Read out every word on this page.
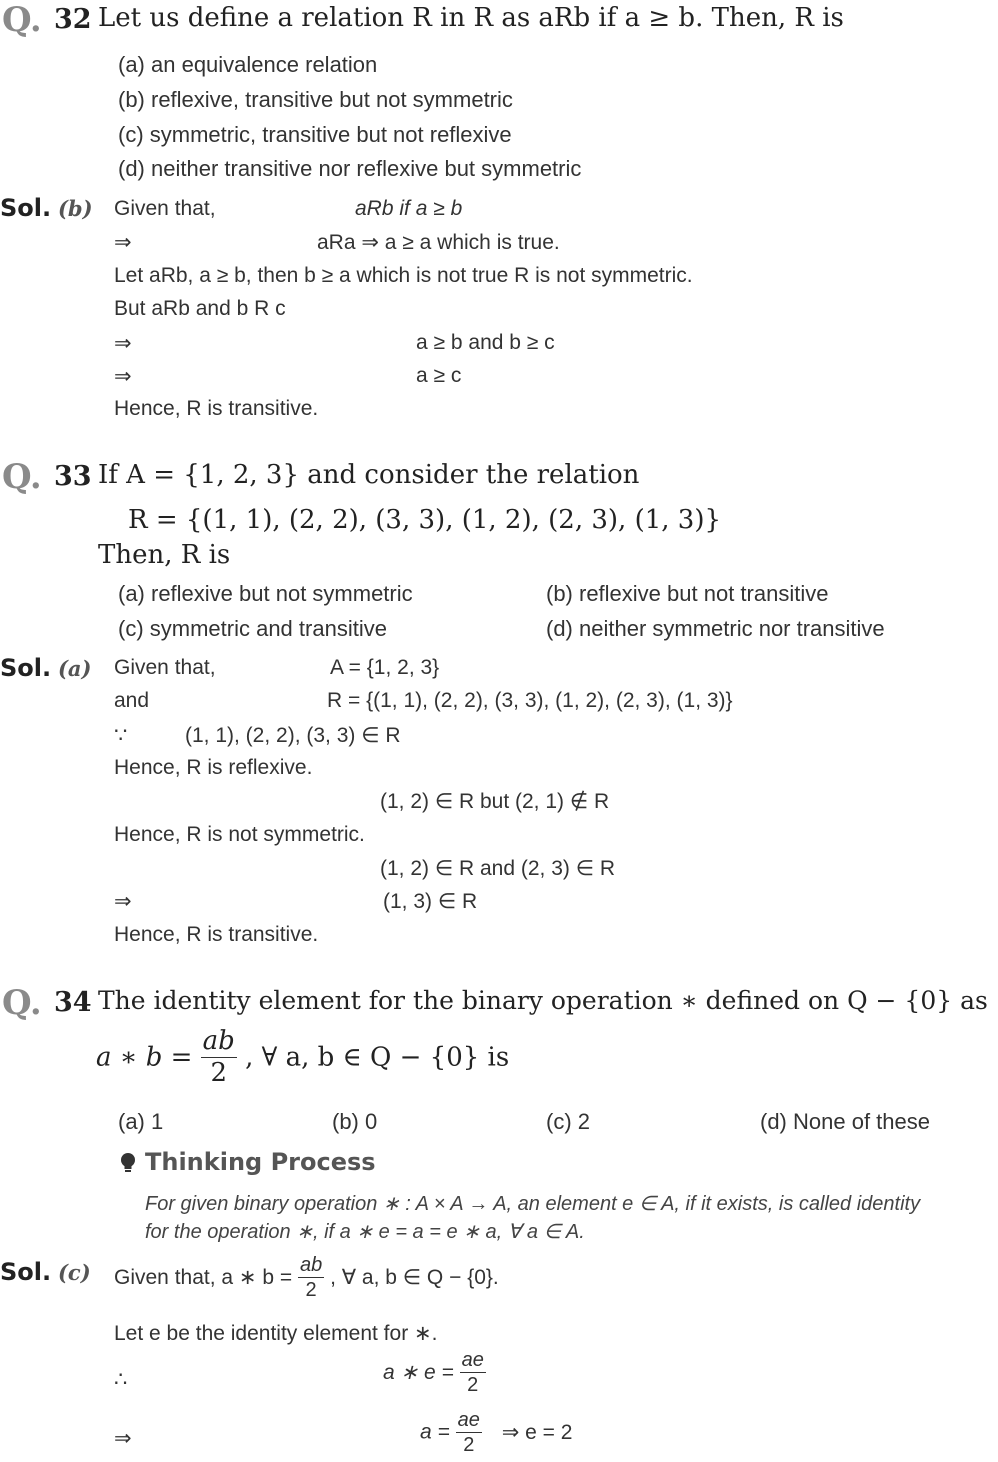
Q. 32 Let us define a relation R in R as aRb if a ≥ b. Then, R is
(a) an equivalence relation
(b) reflexive, transitive but not symmetric
(c) symmetric, transitive but not reflexive
(d) neither transitive nor reflexive but symmetric
Sol. (b) Given that,	aRb if a ≥ b
⇒	aRa ⇒ a ≥ a which is true.
Let aRb, a ≥ b, then b ≥ a which is not true R is not symmetric.
But aRb and b R c
⇒	a ≥ b and b ≥ c
⇒	a ≥ c
Hence, R is transitive.
Q. 33 If A = {1, 2, 3} and consider the relation
R = {(1, 1), (2, 2), (3, 3), (1, 2), (2, 3), (1, 3)}
Then, R is
(a) reflexive but not symmetric	(b) reflexive but not transitive
(c) symmetric and transitive	(d) neither symmetric nor transitive
Sol. (a) Given that,	A = {1, 2, 3}
and	R = {(1, 1), (2, 2), (3, 3), (1, 2), (2, 3), (1, 3)}
∵	(1, 1), (2, 2), (3, 3) ∈ R
Hence, R is reflexive.
(1, 2) ∈ R but (2, 1) ∉ R
Hence, R is not symmetric.
(1, 2) ∈ R and (2, 3) ∈ R
⇒	(1, 3) ∈ R
Hence, R is transitive.
Q. 34 The identity element for the binary operation ∗ defined on Q − {0} as
a ∗ $b = \frac{ab}{2}$ , ∀ a, b ∈ Q − {0} is
(a) 1	(b) 0	(c) 2	(d) None of these
Thinking Process
For given binary operation ∗ : A × A → A, an element e ∈ A, if it exists, is called identity
for the operation ∗, if a ∗ e = a = e ∗ a, ∀ a ∈ A.
Sol. (c) Given that, a ∗ $b = \frac{ab}{2}$ , ∀ a, b ∈ Q − {0}.
Let e be the identity element for ∗.
∴	a ∗ $e = \frac{ae}{2}$
⇒	$a = \frac{ae}{2}$ ⇒ e = 2
